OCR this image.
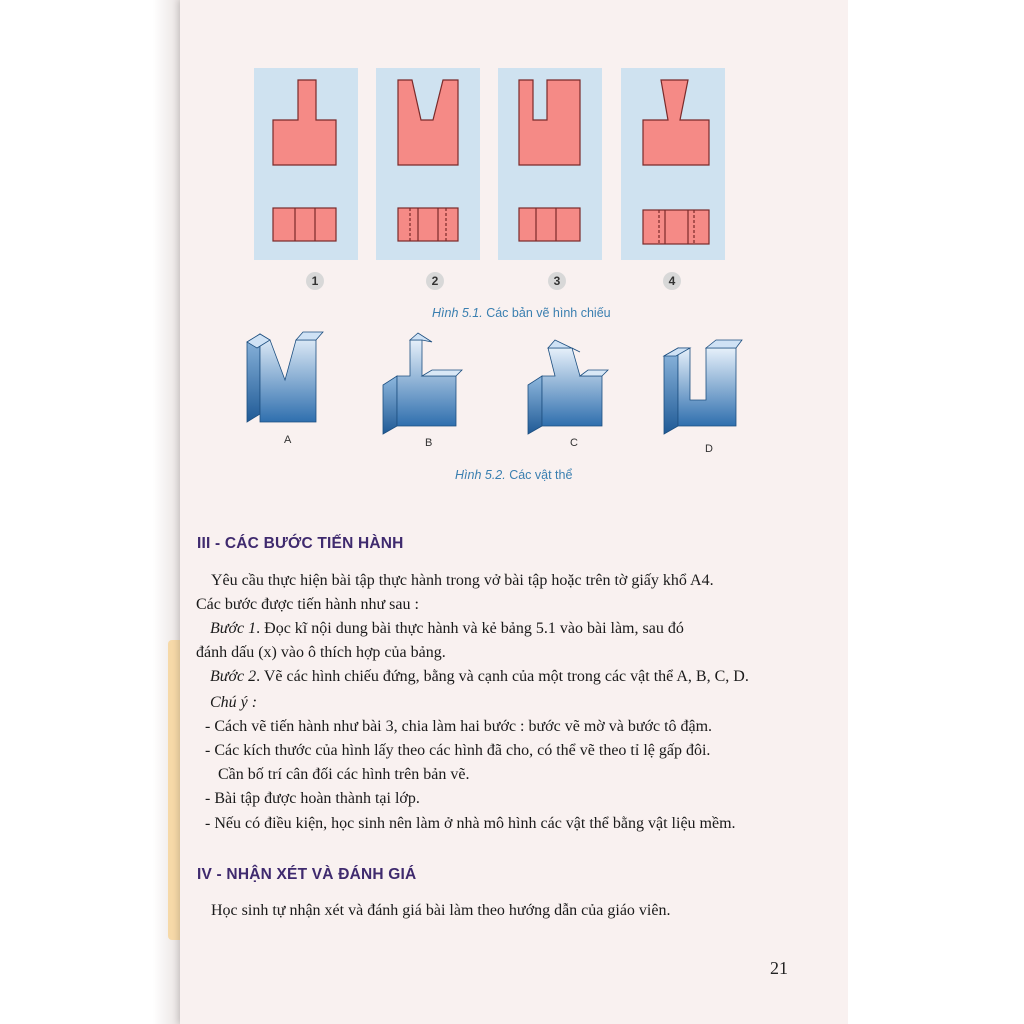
1	2	3	4
Hình 5.1. Các bản vẽ hình chiếu
A	B	C	D
Hình 5.2. Các vật thể
III - CÁC BƯỚC TIẾN HÀNH
Yêu cầu thực hiện bài tập thực hành trong vở bài tập hoặc trên tờ giấy khổ A4.
Các bước được tiến hành như sau :
Bước 1. Đọc kĩ nội dung bài thực hành và kẻ bảng 5.1 vào bài làm, sau đó
đánh dấu (x) vào ô thích hợp của bảng.
Bước 2. Vẽ các hình chiếu đứng, bằng và cạnh của một trong các vật thể A, B, C, D.
Chú ý :
- Cách vẽ tiến hành như bài 3, chia làm hai bước : bước vẽ mờ và bước tô đậm.
- Các kích thước của hình lấy theo các hình đã cho, có thể vẽ theo tỉ lệ gấp đôi.
Cần bố trí cân đối các hình trên bản vẽ.
- Bài tập được hoàn thành tại lớp.
- Nếu có điều kiện, học sinh nên làm ở nhà mô hình các vật thể bằng vật liệu mềm.
IV - NHẬN XÉT VÀ ĐÁNH GIÁ
Học sinh tự nhận xét và đánh giá bài làm theo hướng dẫn của giáo viên.
21
